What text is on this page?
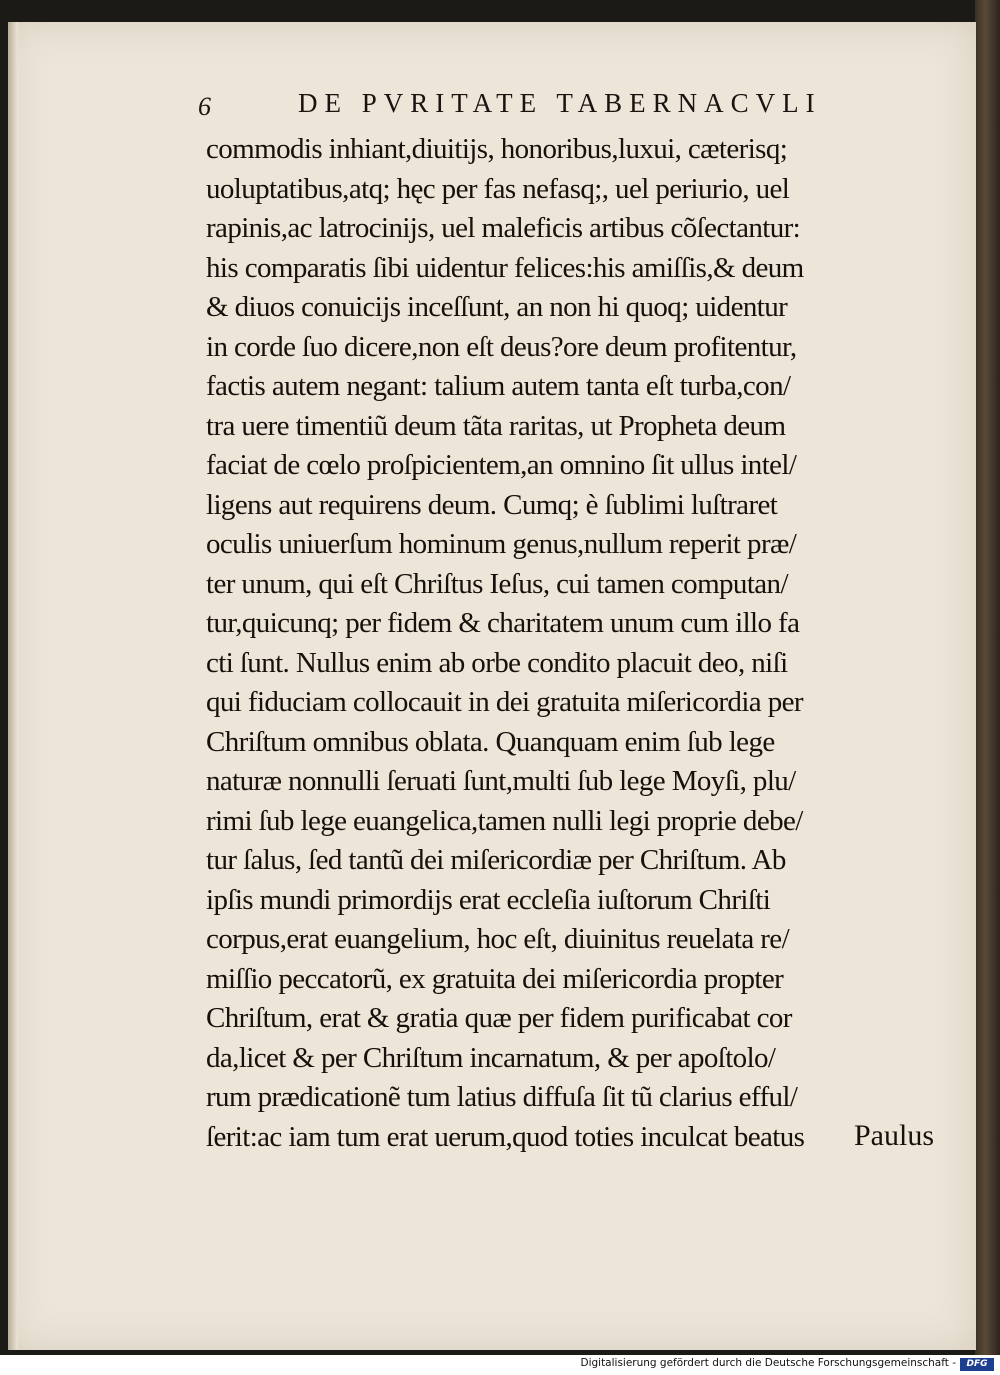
6	DE PVRITATE TABERNACVLI
commodis inhiant,diuitijs, honoribus,luxui, cæterisq;
uoluptatibus,atq; hęc per fas nefasq;, uel periurio, uel
rapinis,ac latrocinijs, uel maleficis artibus cõſectantur:
his comparatis ſibi uidentur felices:his amiſſis,& deum
& diuos conuicijs inceſſunt, an non hi quoq; uidentur
in corde ſuo dicere,non eſt deus?ore deum profitentur,
factis autem negant: talium autem tanta eſt turba,con/
tra uere timentiũ deum tãta raritas, ut Propheta deum
faciat de cœlo proſpicientem,an omnino ſit ullus intel/
ligens aut requirens deum. Cumq; è ſublimi luſtraret
oculis uniuerſum hominum genus,nullum reperit præ/
ter unum, qui eſt Chriſtus Ieſus, cui tamen computan/
tur,quicunq; per fidem & charitatem unum cum illo fa
cti ſunt. Nullus enim ab orbe condito placuit deo, niſi
qui fiduciam collocauit in dei gratuita miſericordia per
Chriſtum omnibus oblata. Quanquam enim ſub lege
naturæ nonnulli ſeruati ſunt,multi ſub lege Moyſi, plu/
rimi ſub lege euangelica,tamen nulli legi proprie debe/
tur ſalus, ſed tantũ dei miſericordiæ per Chriſtum. Ab
ipſis mundi primordijs erat eccleſia iuſtorum Chriſti
corpus,erat euangelium, hoc eſt, diuinitus reuelata re/
miſſio peccatorũ, ex gratuita dei miſericordia propter
Chriſtum, erat & gratia quæ per fidem purificabat cor
da,licet & per Chriſtum incarnatum, & per apoſtolo/
rum prædicationẽ tum latius diffuſa ſit tũ clarius efful/
ſerit:ac iam tum erat uerum,quod toties inculcat beatus	Paulus
Digitalisierung gefördert durch die Deutsche Forschungsgemeinschaft -	DFG
